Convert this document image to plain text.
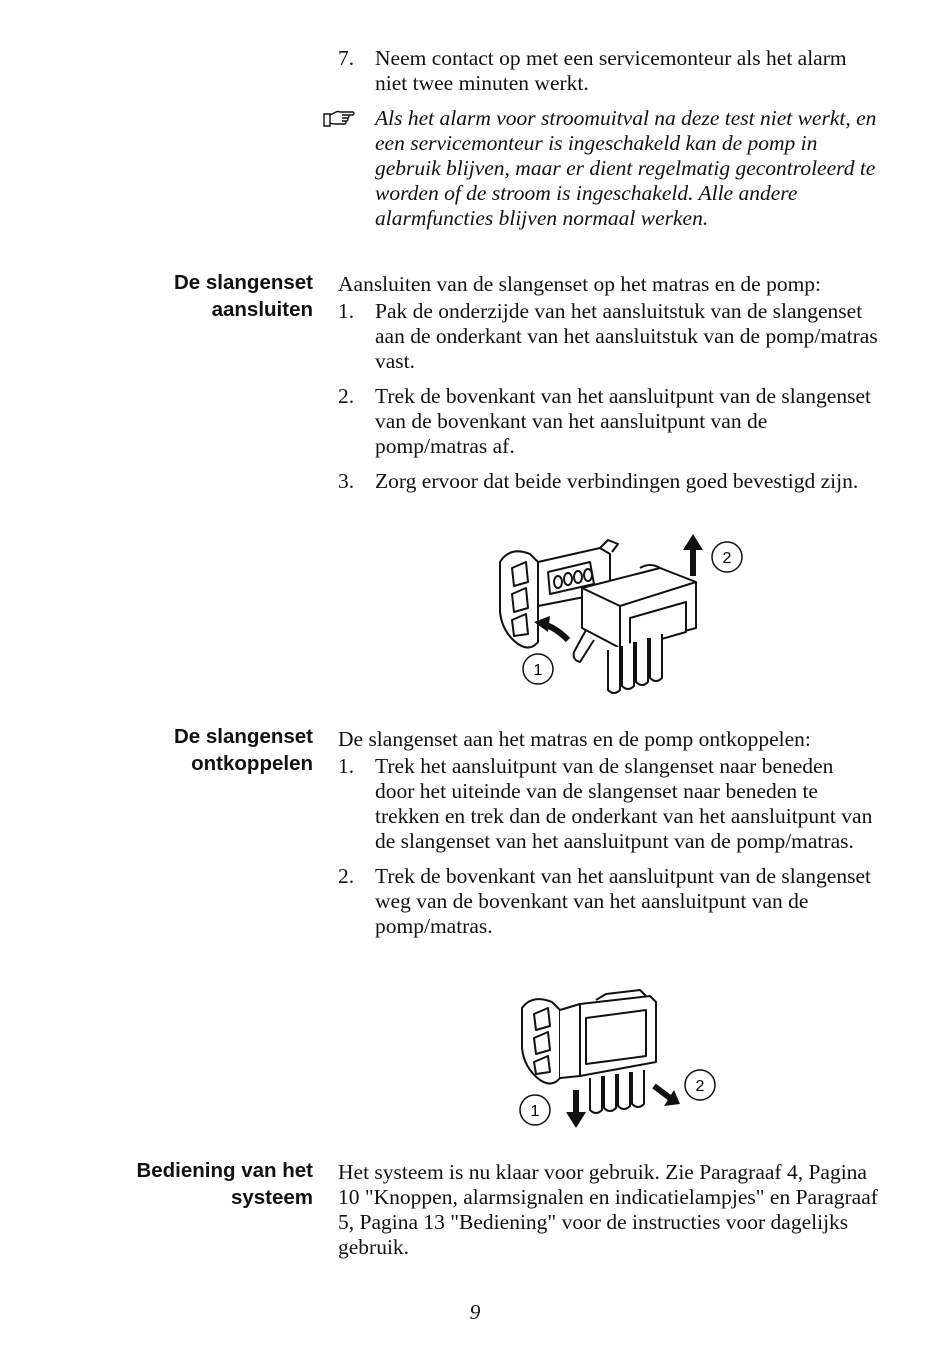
7. Neem contact op met een servicemonteur als het alarm niet twee minuten werkt.
Als het alarm voor stroomuitval na deze test niet werkt, en een servicemonteur is ingeschakeld kan de pomp in gebruik blijven, maar er dient regelmatig gecontroleerd te worden of de stroom is ingeschakeld. Alle andere alarmfuncties blijven normaal werken.
De slangenset
aansluiten
Aansluiten van de slangenset op het matras en de pomp:
1. Pak de onderzijde van het aansluitstuk van de slangenset aan de onderkant van het aansluitstuk van de pomp/matras vast.
2. Trek de bovenkant van het aansluitpunt van de slangenset van de bovenkant van het aansluitpunt van de pomp/matras af.
3. Zorg ervoor dat beide verbindingen goed bevestigd zijn.
2
1
De slangenset
ontkoppelen
De slangenset aan het matras en de pomp ontkoppelen:
1. Trek het aansluitpunt van de slangenset naar beneden door het uiteinde van de slangenset naar beneden te trekken en trek dan de onderkant van het aansluitpunt van de slangenset van het aansluitpunt van de pomp/matras.
2. Trek de bovenkant van het aansluitpunt van de slangenset weg van de bovenkant van het aansluitpunt van de pomp/matras.
2
1
Bediening van het
systeem
Het systeem is nu klaar voor gebruik. Zie Paragraaf 4, Pagina 10 "Knoppen, alarmsignalen en indicatielampjes" en Paragraaf 5, Pagina 13 "Bediening" voor de instructies voor dagelijks gebruik.
9
